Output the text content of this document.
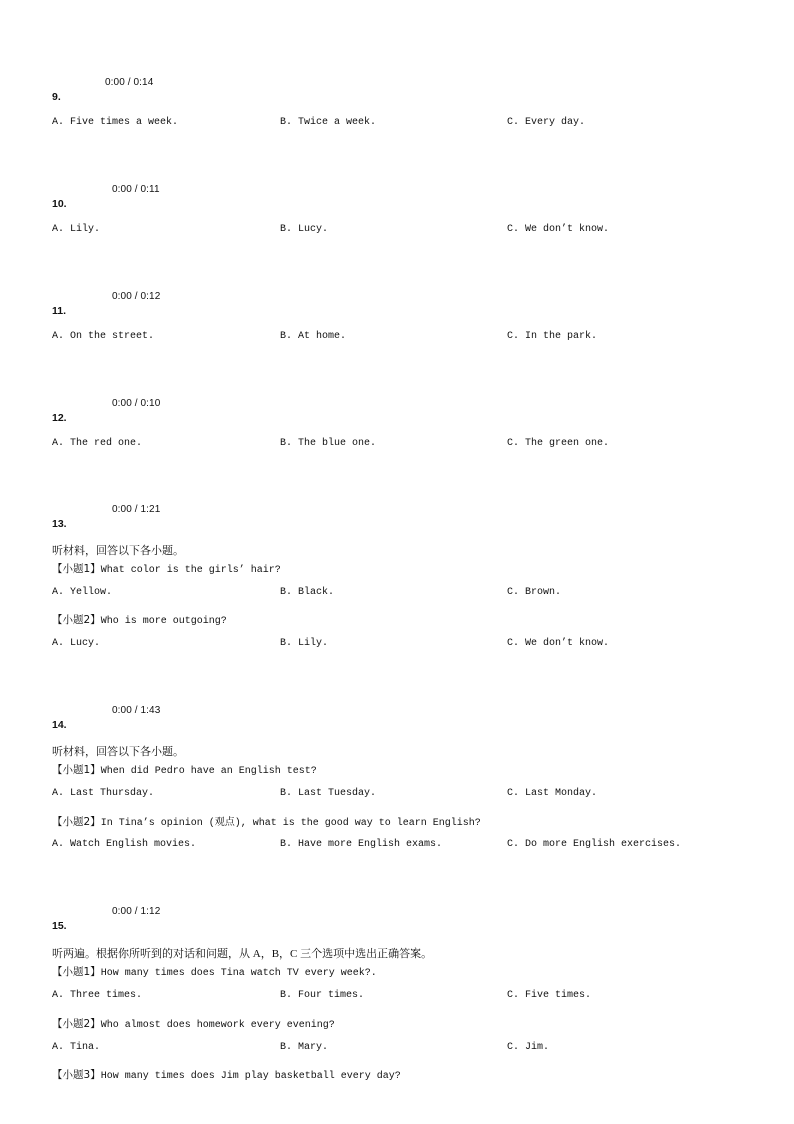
0:00 / 0:14
9.
A. Five times a week.	B. Twice a week.	C. Every day.
0:00 / 0:11
10.
A. Lily.	B. Lucy.	C. We don’t know.
0:00 / 0:12
11.
A. On the street.	B. At home.	C. In the park.
0:00 / 0:10
12.
A. The red one.	B. The blue one.	C. The green one.
0:00 / 1:21
13.
听材料，回答以下各小题。
【小题1】What color is the girls’ hair?
A. Yellow.	B. Black.	C. Brown.
【小题2】Who is more outgoing?
A. Lucy.	B. Lily.	C. We don’t know.
0:00 / 1:43
14.
听材料，回答以下各小题。
【小题1】When did Pedro have an English test?
A. Last Thursday.	B. Last Tuesday.	C. Last Monday.
【小题2】In Tina’s opinion (观点), what is the good way to learn English?
A. Watch English movies.	B. Have more English exams.	C. Do more English exercises.
0:00 / 1:12
15.
听两遍。根据你所听到的对话和问题，从 A，B，C 三个选项中选出正确答案。
【小题1】How many times does Tina watch TV every week?.
A. Three times.	B. Four times.	C. Five times.
【小题2】Who almost does homework every evening?
A. Tina.	B. Mary.	C. Jim.
【小题3】How many times does Jim play basketball every day?
